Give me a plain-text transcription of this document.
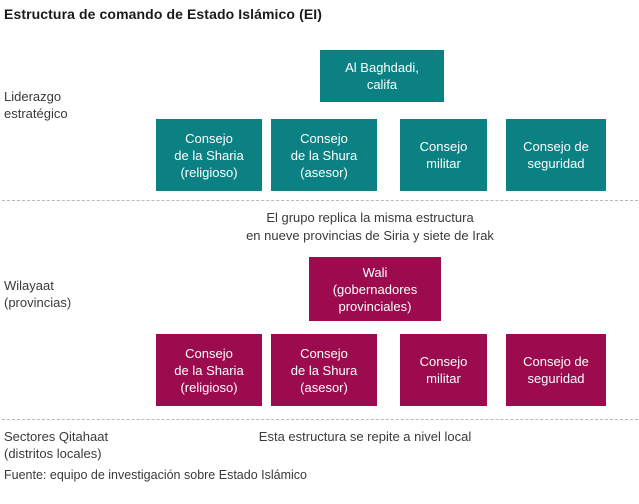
Estructura de comando de Estado Islámico (EI)
Liderazgo
estratégico
Wilayaat
(provincias)
Sectores Qitahaat
(distritos locales)
El grupo replica la misma estructura
en nueve provincias de Siria y siete de Irak
Esta estructura se repite a nivel local
Al Baghdadi,
califa
Consejo
de la Sharia
(religioso)
Consejo
de la Shura
(asesor)
Consejo
militar
Consejo de
seguridad
Wali
(gobernadores
provinciales)
Consejo
de la Sharia
(religioso)
Consejo
de la Shura
(asesor)
Consejo
militar
Consejo de
seguridad
Fuente: equipo de investigación sobre Estado Islámico
